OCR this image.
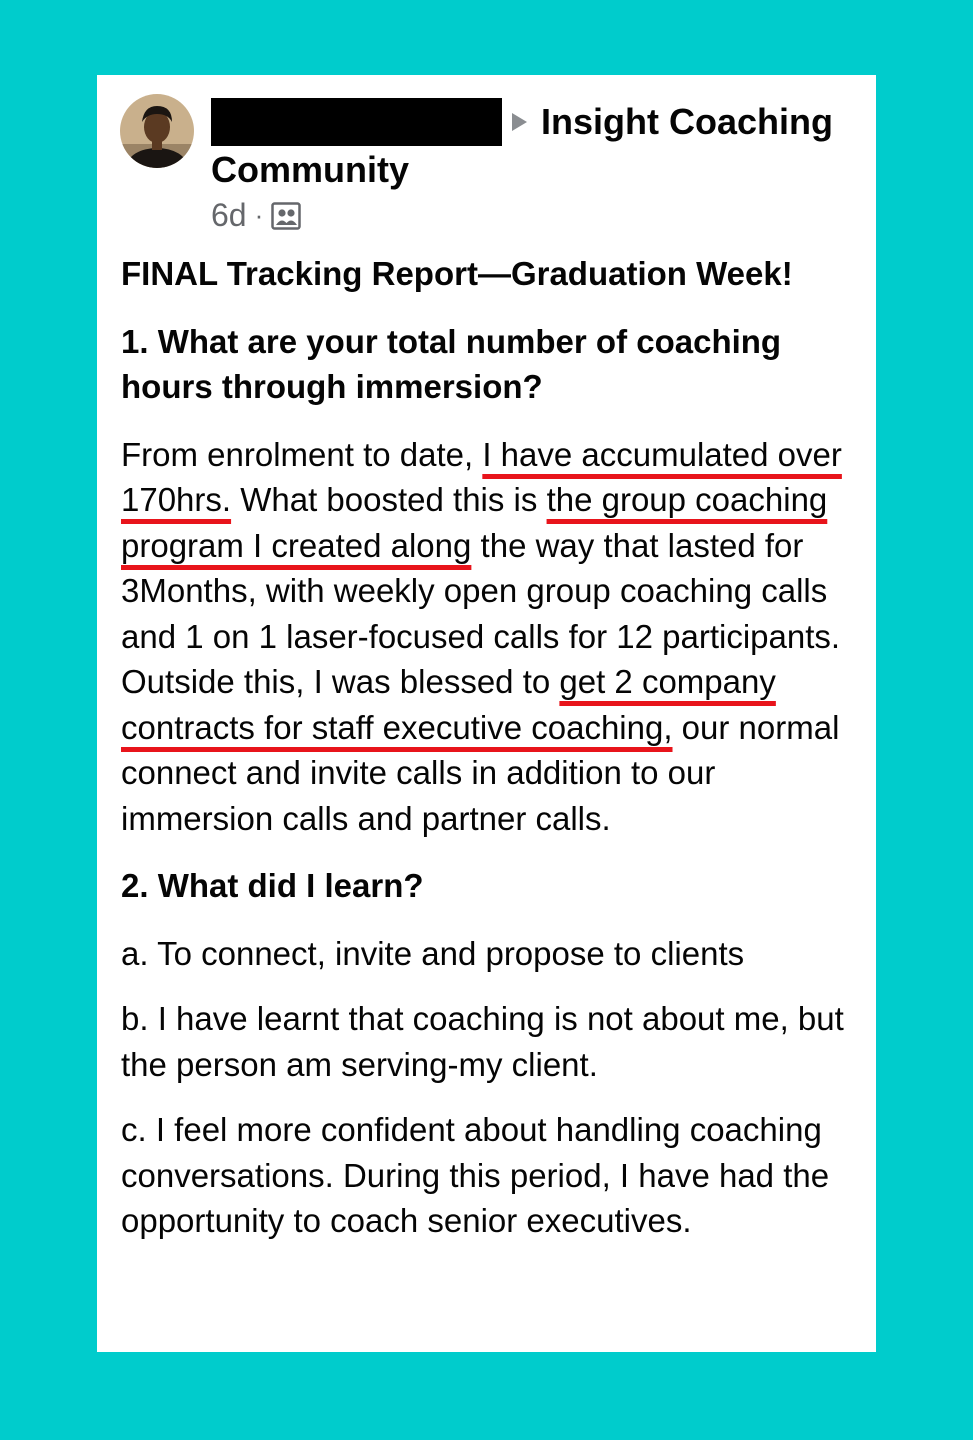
Insight Coaching
Community
6d ·

FINAL Tracking Report—Graduation Week!

1. What are your total number of coaching hours through immersion?

From enrolment to date, I have accumulated over 170hrs. What boosted this is the group coaching program I created along the way that lasted for 3Months, with weekly open group coaching calls and 1 on 1 laser-focused calls for 12 participants. Outside this, I was blessed to get 2 company contracts for staff executive coaching, our normal connect and invite calls in addition to our immersion calls and partner calls.

2. What did I learn?

a. To connect, invite and propose to clients

b. I have learnt that coaching is not about me, but the person am serving-my client.

c. I feel more confident about handling coaching conversations. During this period, I have had the opportunity to coach senior executives.
